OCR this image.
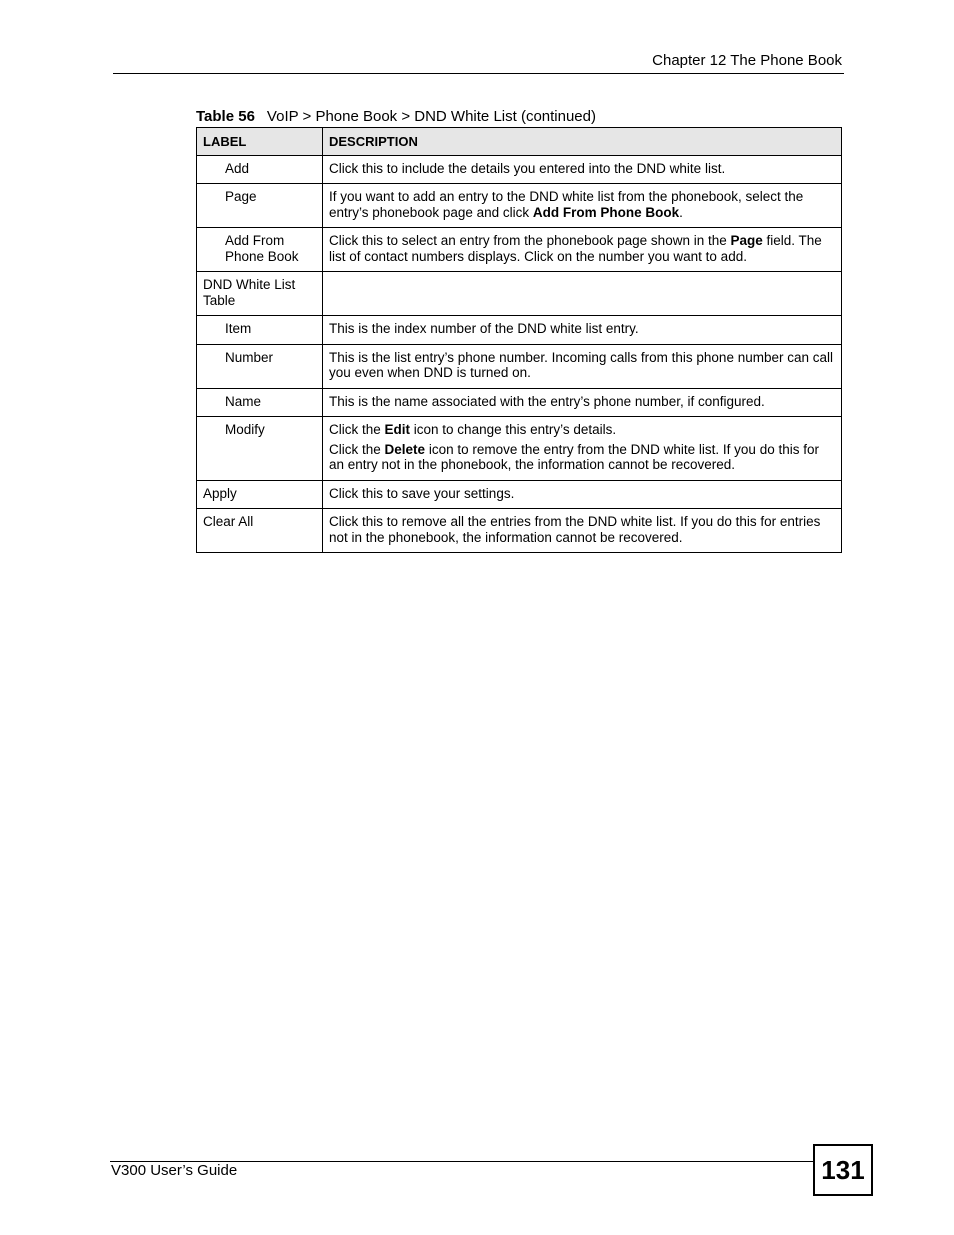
Chapter 12 The Phone Book
Table 56 VoIP > Phone Book > DND White List (continued)
LABEL	DESCRIPTION
Add	Click this to include the details you entered into the DND white list.

Page	If you want to add an entry to the DND white list from the phonebook, select the entry’s phonebook page and click Add From Phone Book.

Add From Phone Book	Click this to select an entry from the phonebook page shown in the Page field. The list of contact numbers displays. Click on the number you want to add.

DND White List Table	
Item	This is the index number of the DND white list entry.

Number	This is the list entry’s phone number. Incoming calls from this phone number can call you even when DND is turned on.

Name	This is the name associated with the entry’s phone number, if configured.

Modify	Click the Edit icon to change this entry’s details.

Click the Delete icon to remove the entry from the DND white list. If you do this for an entry not in the phonebook, the information cannot be recovered.

Apply	Click this to save your settings.

Clear All	Click this to remove all the entries from the DND white list. If you do this for entries not in the phonebook, the information cannot be recovered.

V300 User’s Guide	131
